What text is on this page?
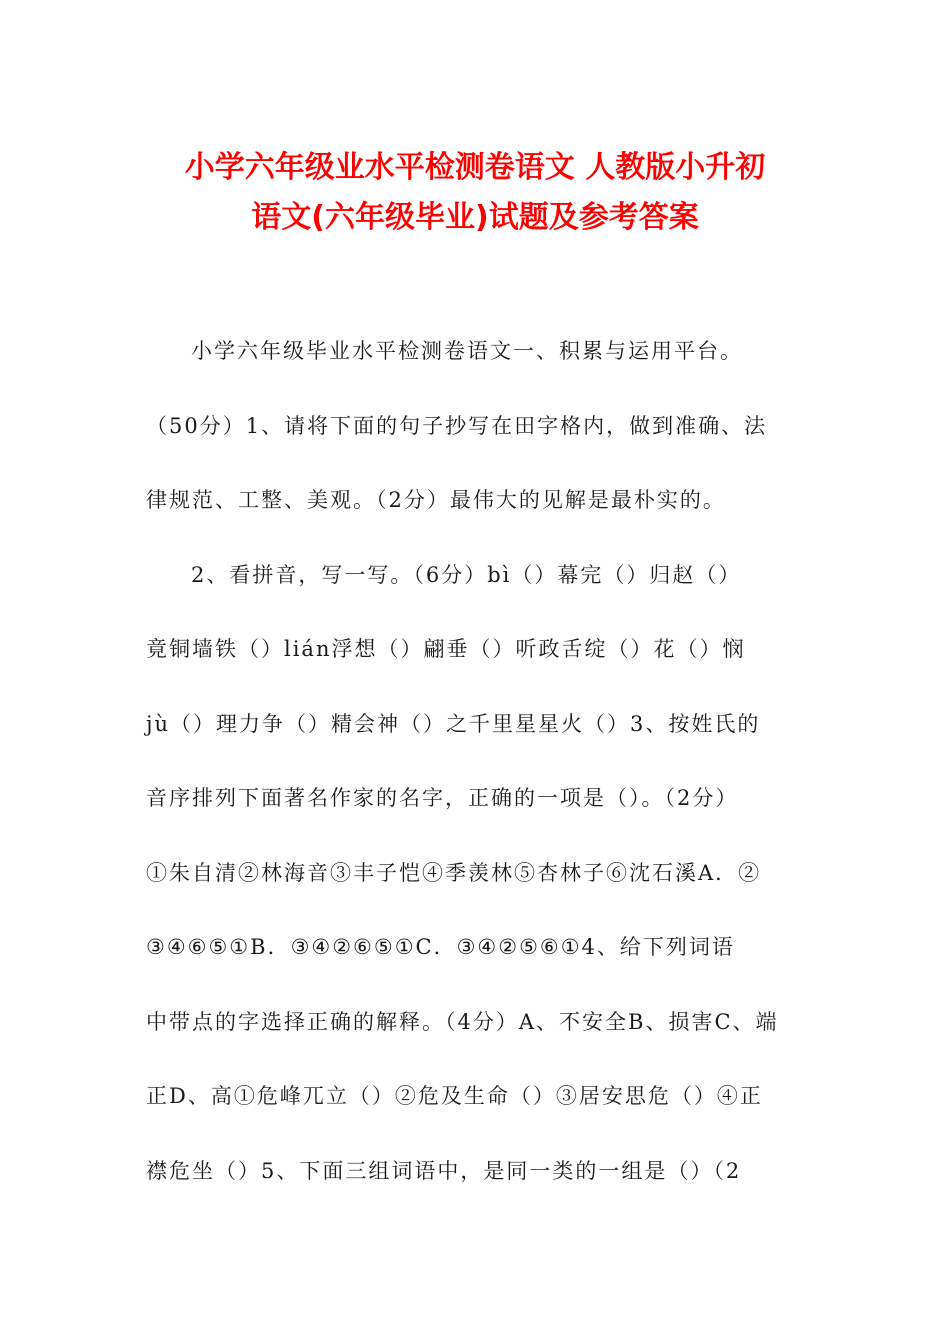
小学六年级业水平检测卷语文 人教版小升初
语文(六年级毕业)试题及参考答案
小学六年级毕业水平检测卷语文一、积累与运用平台。
（50分）1、请将下面的句子抄写在田字格内，做到准确、法
律规范、工整、美观。（2分）最伟大的见解是最朴实的。
2、看拼音，写一写。（6分）bì（）幕完（）归赵（）
竟铜墙铁（）lián浮想（）翩垂（）听政舌绽（）花（）悯
jù（）理力争（）精会神（）之千里星星火（）3、按姓氏的
音序排列下面著名作家的名字，正确的一项是（）。（2分）
①朱自清②林海音③丰子恺④季羡林⑤杏林子⑥沈石溪A．②
③④⑥⑤①B．③④②⑥⑤①C．③④②⑤⑥①4、给下列词语
中带点的字选择正确的解释。（4分）A、不安全B、损害C、端
正D、高①危峰兀立（）②危及生命（）③居安思危（）④正
襟危坐（）5、下面三组词语中，是同一类的一组是（）（2
